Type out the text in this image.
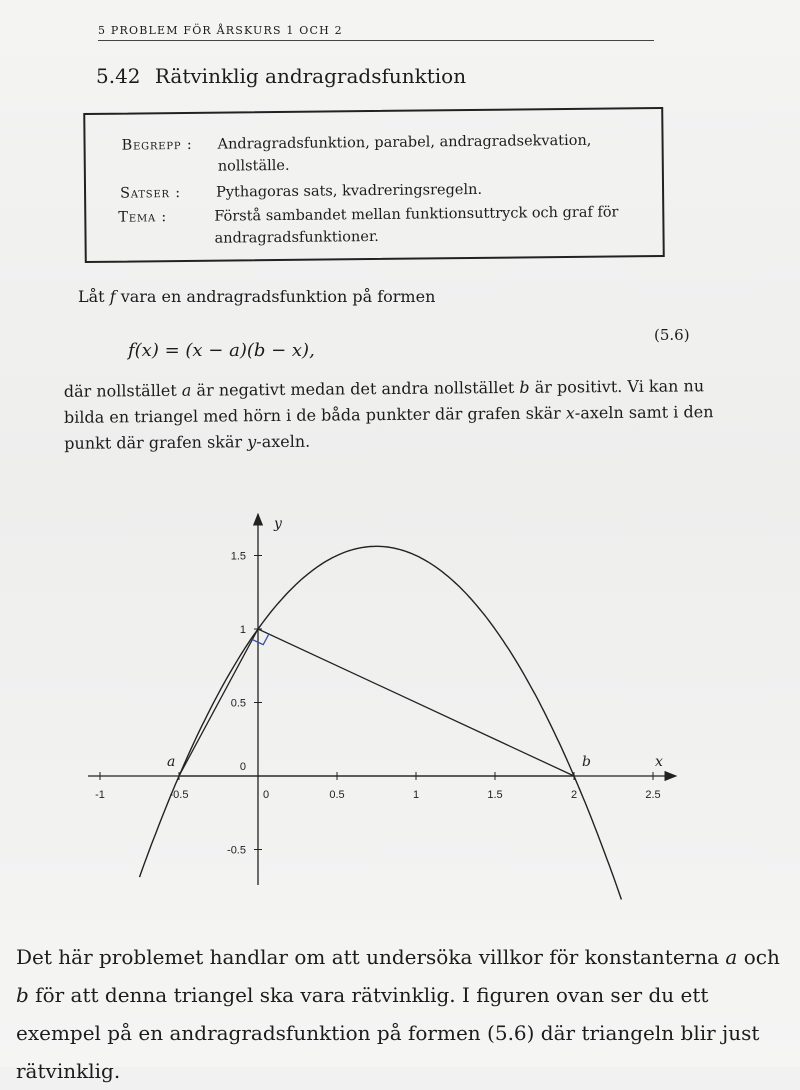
5 PROBLEM FÖR ÅRSKURS 1 OCH 2
5.42 Rätvinklig andragradsfunktion
Begrepp :	Andragradsfunktion, parabel, andragradsekvation, nollställe.
Satser :	Pythagoras sats, kvadreringsregeln.
Tema :	Förstå sambandet mellan funktionsuttryck och graf för andragradsfunktioner.
Låt f vara en andragradsfunktion på formen
f(x) = (x − a)(b − x),
(5.6)
där nollstället a är negativt medan det andra nollstället b är positivt. Vi kan nu bilda en triangel med hörn i de båda punkter där grafen skär x-axeln samt i den punkt där grafen skär y-axeln.
-1	-0.5	0	0.5	1	1.5	2	2.5
-0.5
0.5
1
1.5
0	x
y
a	b
Det här problemet handlar om att undersöka villkor för konstanterna a och b för att denna triangel ska vara rätvinklig. I figuren ovan ser du ett exempel på en andragradsfunktion på formen (5.6) där triangeln blir just rätvinklig.
